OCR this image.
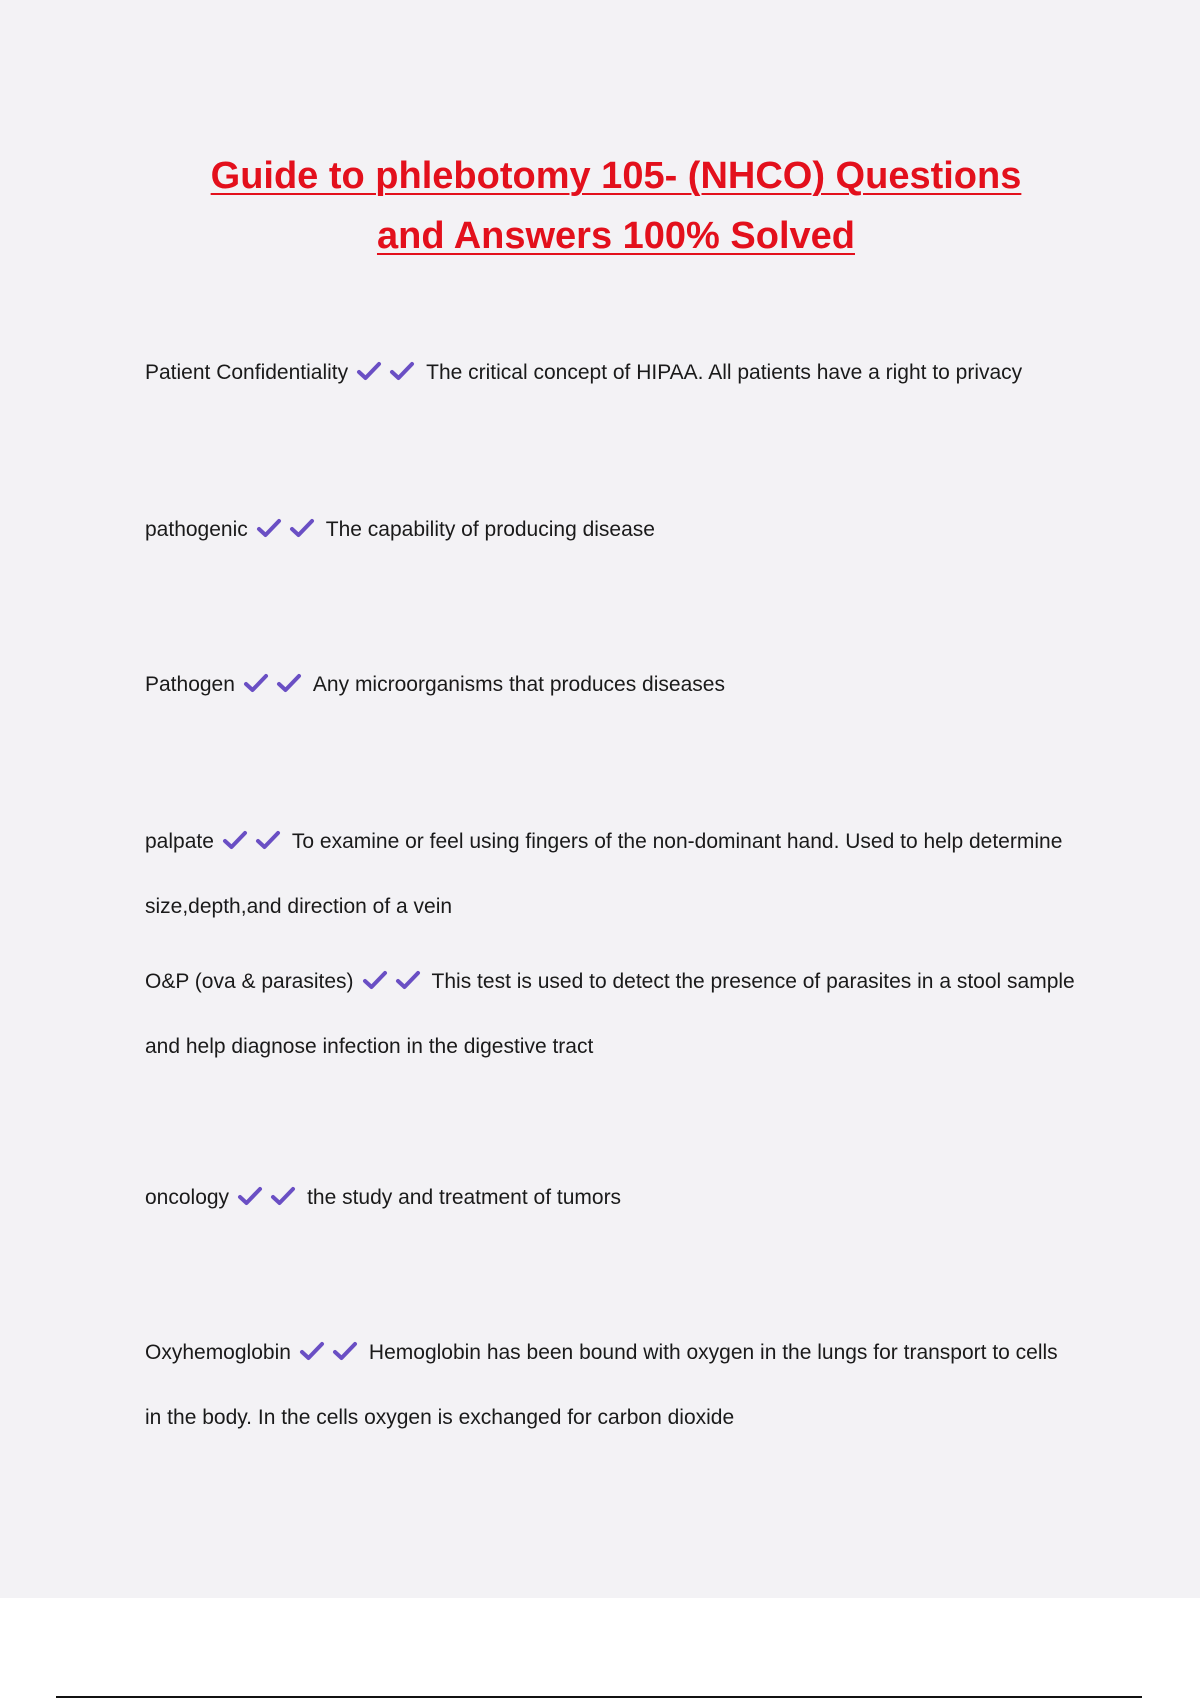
Guide to phlebotomy 105- (NHCO) Questions
and Answers 100% Solved

Patient Confidentiality	The critical concept of HIPAA. All patients have a right to privacy

pathogenic	The capability of producing disease

Pathogen	Any microorganisms that produces diseases

palpate	To examine or feel using fingers of the non-dominant hand. Used to help determine size,depth,and direction of a vein

O&P (ova & parasites)	This test is used to detect the presence of parasites in a stool sample and help diagnose infection in the digestive tract

oncology	the study and treatment of tumors

Oxyhemoglobin	Hemoglobin has been bound with oxygen in the lungs for transport to cells in the body. In the cells oxygen is exchanged for carbon dioxide
